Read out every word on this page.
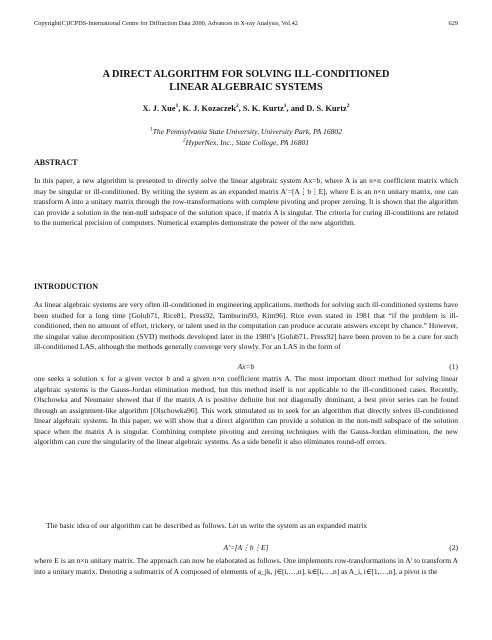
Copyright(C)JCPDS-International Centre for Diffraction Data 2000, Advances in X-ray Analysis, Vol.42	629
A DIRECT ALGORITHM FOR SOLVING ILL-CONDITIONED
LINEAR ALGEBRAIC SYSTEMS
X. J. Xue$^1$, K. J. Kozaczek$^2$, S. K. Kurtz$^1$, and D. S. Kurtz$^2$
$^1$The Pennsylvania State University, University Park, PA 16802
$^2$HyperNex, Inc., State College, PA 16801
ABSTRACT
In this paper, a new algorithm is presented to directly solve the linear algebraic system Ax=b, where A is an n×n coefficient matrix which may be singular or ill-conditioned. By writing the system as an expanded matrix A′=[A⋮b⋮E], where E is an n×n unitary matrix, one can transform A into a unitary matrix through the row-transformations with complete pivoting and proper zeroing. It is shown that the algorithm can provide a solution in the non-null subspace of the solution space, if matrix A is singular. The criteria for curing ill-conditions are related to the numerical precision of computers. Numerical examples demonstrate the power of the new algorithm.
INTRODUCTION
As linear algebraic systems are very often ill-conditioned in engineering applications, methods for solving such ill-conditioned systems have been studied for a long time [Golub71, Rice81, Press92, Tamburini93, Kim96]. Rice even stated in 1981 that “if the problem is ill-conditioned, then no amount of effort, trickery, or talent used in the computation can produce accurate answers except by chance.” However, the singular value decomposition (SVD) methods developed later in the 1980’s [Golub71, Press92] have been proven to be a cure for such ill-conditioned LAS, although the methods generally converge very slowly. For an LAS in the form of
Ax=b	(1)
one seeks a solution x for a given vector b and a given n×n coefficient matrix A. The most important direct method for solving linear algebraic systems is the Gauss-Jordan elimination method, but this method itself is not applicable to the ill-conditioned cases. Recently, Olschowka and Neumaier showed that if the matrix A is positive definite but not diagonally dominant, a best pivot series can be found through an assignment-like algorithm [Olschowka96]. This work stimulated us to seek for an algorithm that directly solves ill-conditioned linear algebraic systems. In this paper, we will show that a direct algorithm can provide a solution in the non-null subspace of the solution space when the matrix A is singular. Combining complete pivoting and zeroing techniques with the Gauss-Jordan elimination, the new algorithm can cure the singularity of the linear algebraic systems. As a side benefit it also eliminates round-off errors.
The basic idea of our algorithm can be described as follows. Let us write the system as an expanded matrix
A′=[A⋮b⋮E]	(2)
where E is an n×n unitary matrix. The approach can now be elaborated as follows. One implements row-transformations in A′ to transform A into a unitary matrix. Denoting a submatrix of A composed of elements of a_jk, j∈[i,…,n], k∈[i,…,n] as A_i, i∈[1,…,n], a pivot is the
